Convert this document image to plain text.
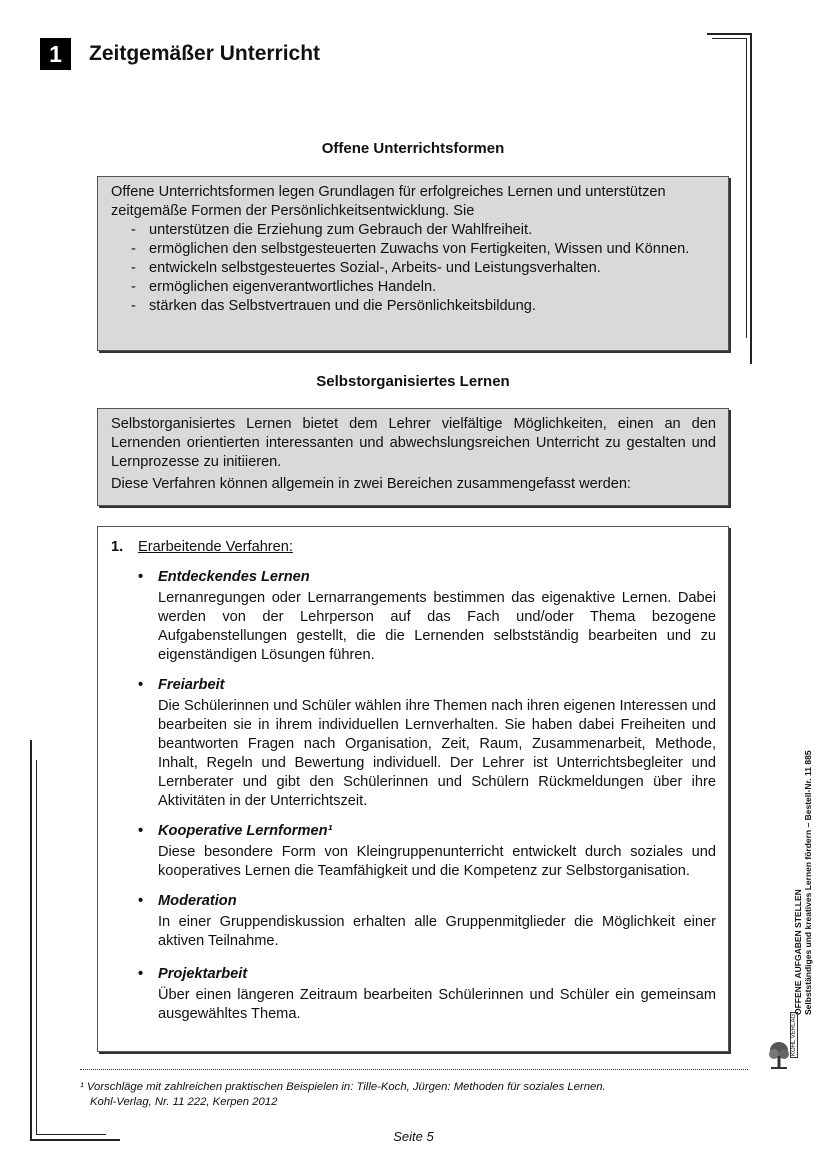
1	Zeitgemäßer Unterricht
Offene Unterrichtsformen
Offene Unterrichtsformen legen Grundlagen für erfolgreiches Lernen und unterstützen zeitgemäße Formen der Persönlichkeitsentwicklung. Sie
- unterstützen die Erziehung zum Gebrauch der Wahlfreiheit.
- ermöglichen den selbstgesteuerten Zuwachs von Fertigkeiten, Wissen und Können.
- entwickeln selbstgesteuertes Sozial-, Arbeits- und Leistungsverhalten.
- ermöglichen eigenverantwortliches Handeln.
- stärken das Selbstvertrauen und die Persönlichkeitsbildung.
Selbstorganisiertes Lernen
Selbstorganisiertes Lernen bietet dem Lehrer vielfältige Möglichkeiten, einen an den Lernenden orientierten interessanten und abwechslungsreichen Unterricht zu gestalten und Lernprozesse zu initiieren.
Diese Verfahren können allgemein in zwei Bereichen zusammengefasst werden:
1.	Erarbeitende Verfahren:
• Entdeckendes Lernen
Lernanregungen oder Lernarrangements bestimmen das eigenaktive Lernen. Dabei werden von der Lehrperson auf das Fach und/oder Thema bezogene Aufgabenstellungen gestellt, die die Lernenden selbstständig bearbeiten und zu eigenständigen Lösungen führen.
• Freiarbeit
Die Schülerinnen und Schüler wählen ihre Themen nach ihren eigenen Interessen und bearbeiten sie in ihrem individuellen Lernverhalten. Sie haben dabei Freiheiten und beantworten Fragen nach Organisation, Zeit, Raum, Zusammenarbeit, Methode, Inhalt, Regeln und Bewertung individuell. Der Lehrer ist Unterrichtsbegleiter und Lernberater und gibt den Schülerinnen und Schülern Rückmeldungen über ihre Aktivitäten in der Unterrichtszeit.
• Kooperative Lernformen¹
Diese besondere Form von Kleingruppenunterricht entwickelt durch soziales und kooperatives Lernen die Teamfähigkeit und die Kompetenz zur Selbstorganisation.
• Moderation
In einer Gruppendiskussion erhalten alle Gruppenmitglieder die Möglichkeit einer aktiven Teilnahme.
• Projektarbeit
Über einen längeren Zeitraum bearbeiten Schülerinnen und Schüler ein gemeinsam ausgewähltes Thema.	OFFENE AUFGABEN STELLEN Selbstständiges und kreatives Lernen fördern – Bestell-Nr. 11 885
KOHL VERLAG
¹ Vorschläge mit zahlreichen praktischen Beispielen in: Tille-Koch, Jürgen: Methoden für soziales Lernen.
Kohl-Verlag, Nr. 11 222, Kerpen 2012
Seite 5
